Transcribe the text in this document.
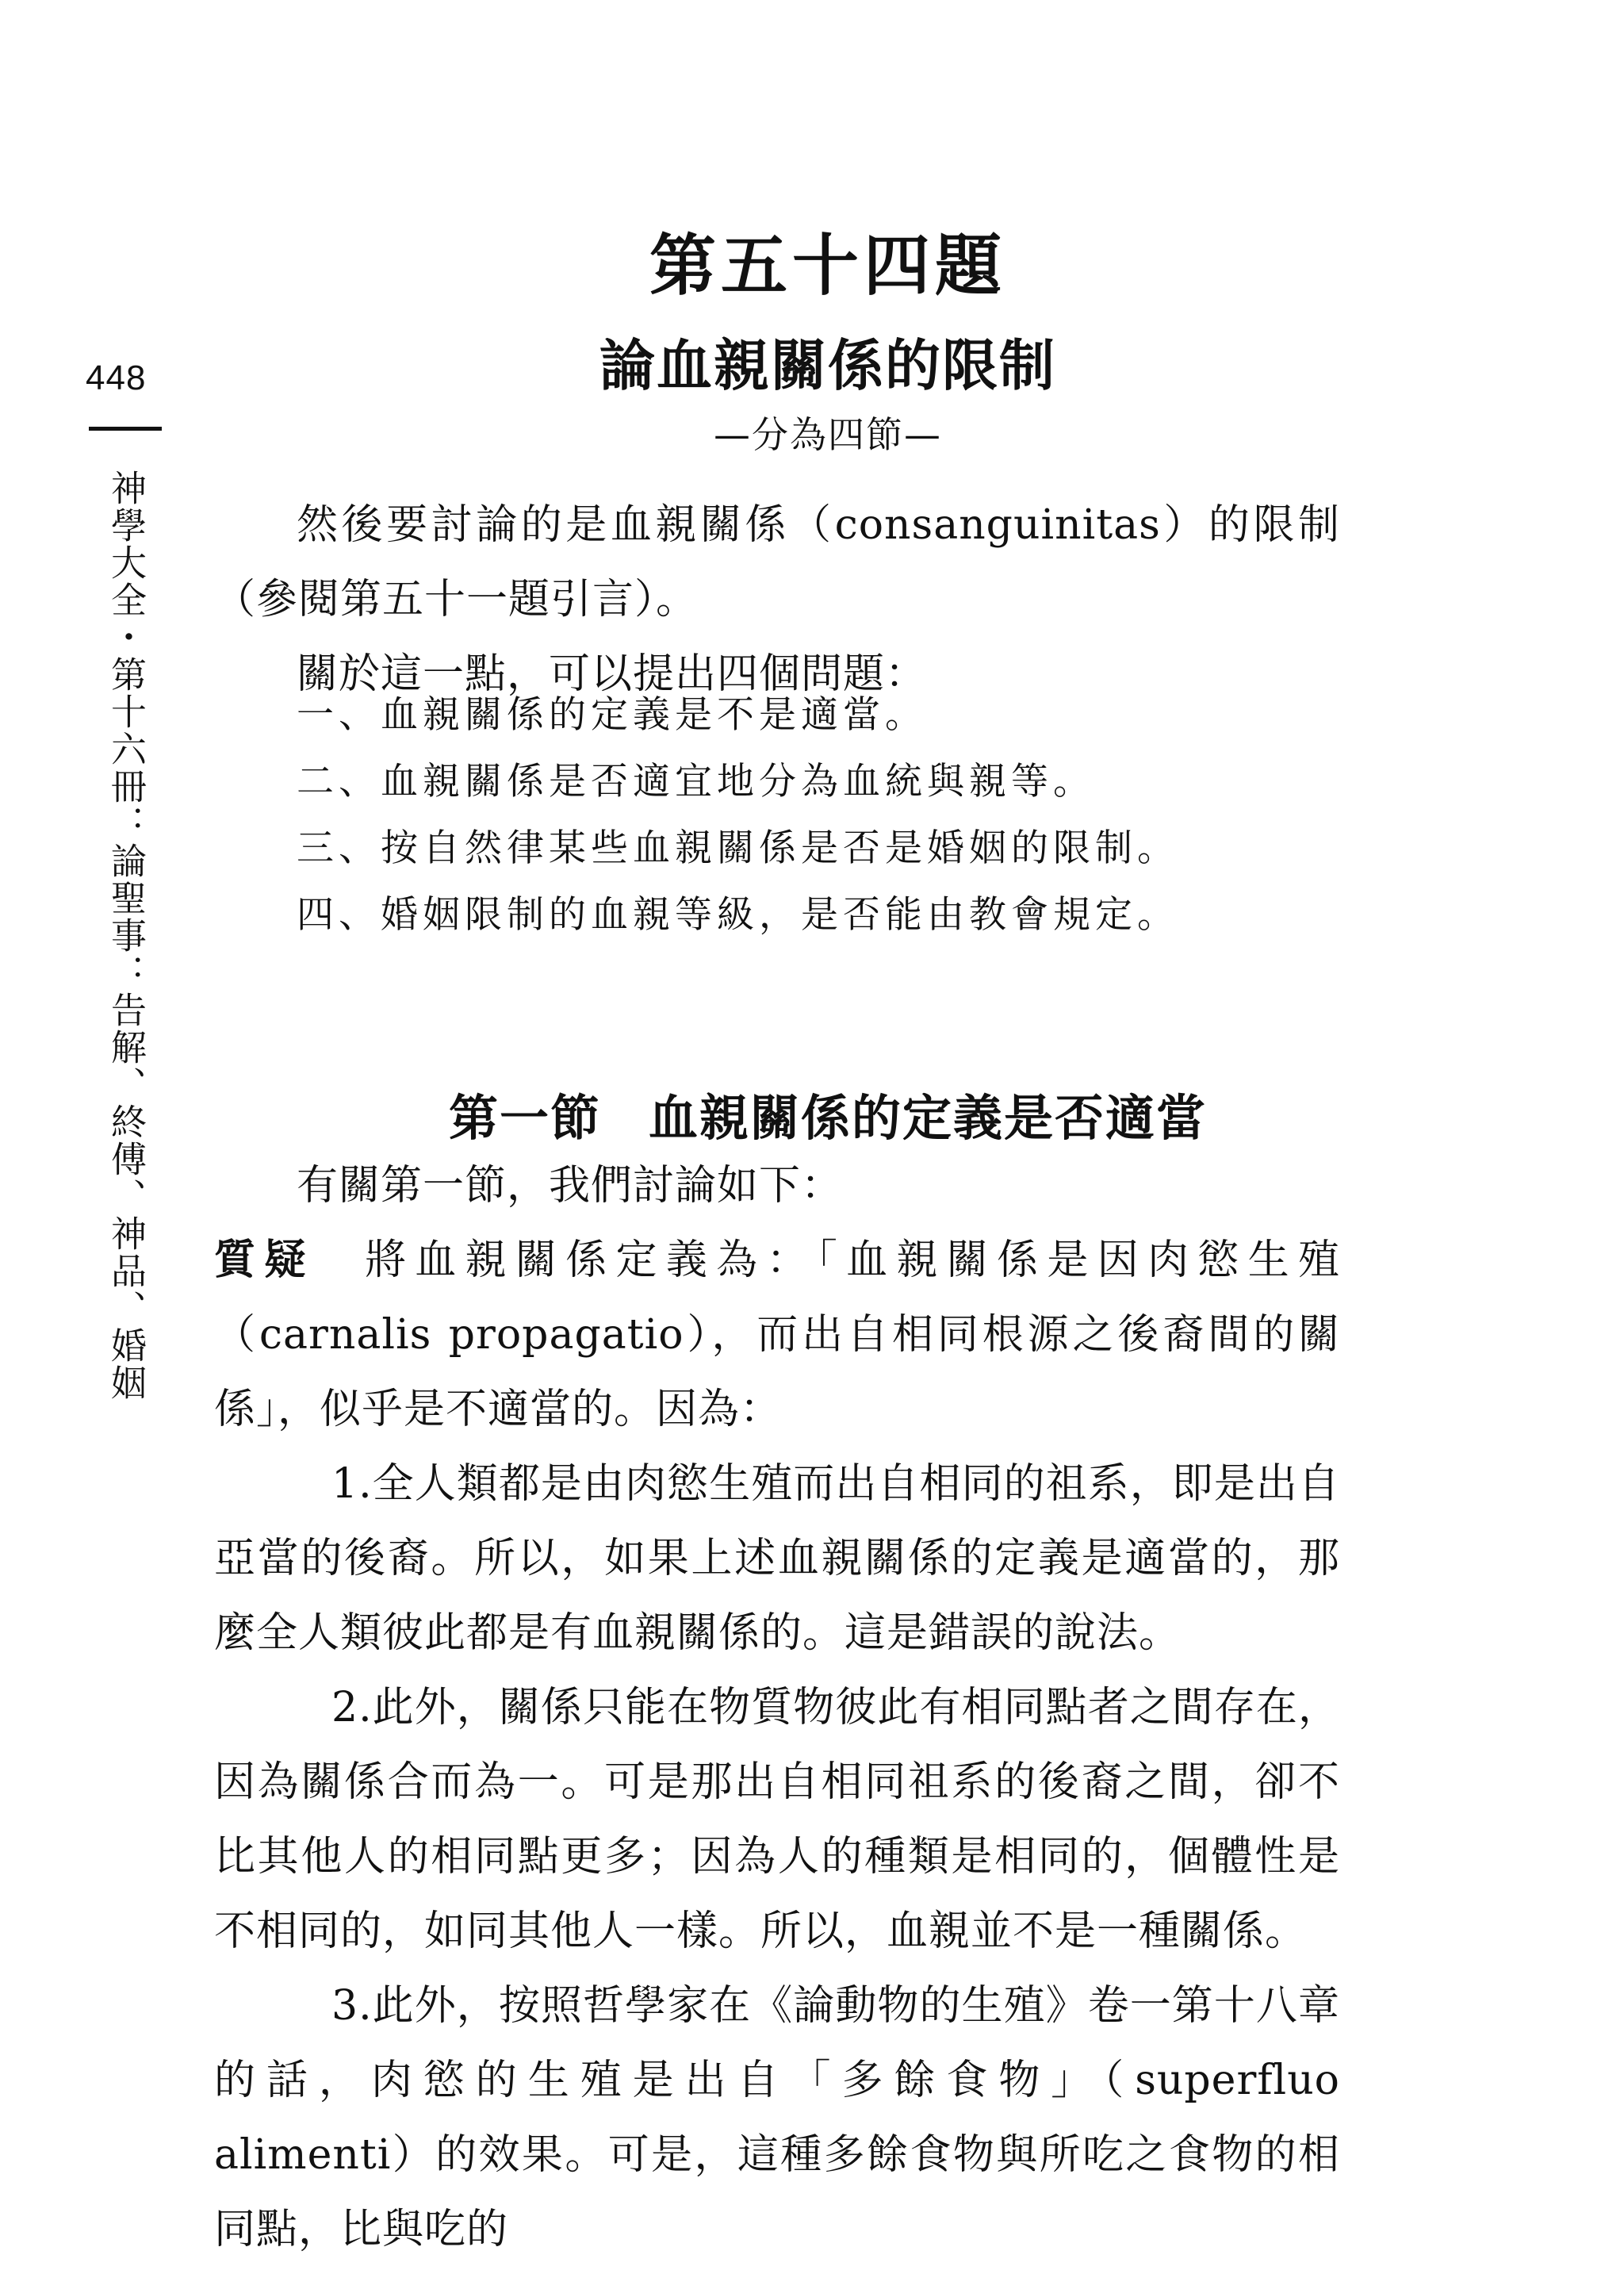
448
神學大全・第十六冊：論聖事：告解、終傅、神品、婚姻
第五十四題
論血親關係的限制
—分為四節—

然後要討論的是血親關係（consanguinitas）的限制（參閱第五十一題引言）。

關於這一點，可以提出四個問題：

一、血親關係的定義是不是適當。
二、血親關係是否適宜地分為血統與親等。
三、按自然律某些血親關係是否是婚姻的限制。
四、婚姻限制的血親等級，是否能由教會規定。
第一節 血親關係的定義是否適當

有關第一節，我們討論如下：

質疑　 將血親關係定義為：「血親關係是因肉慾生殖（carnalis propagatio），而出自相同根源之後裔間的關係」，似乎是不適當的。因為：

1.全人類都是由肉慾生殖而出自相同的祖系，即是出自亞當的後裔。所以，如果上述血親關係的定義是適當的，那麼全人類彼此都是有血親關係的。這是錯誤的說法。

2.此外，關係只能在物質物彼此有相同點者之間存在，因為關係合而為一。可是那出自相同祖系的後裔之間，卻不比其他人的相同點更多；因為人的種類是相同的，個體性是不相同的，如同其他人一樣。所以，血親並不是一種關係。

3.此外，按照哲學家在《論動物的生殖》卷一第十八章的話，肉慾的生殖是出自「多餘食物」（superfluo alimenti）的效果。可是，這種多餘食物與所吃之食物的相同點，比與吃的
